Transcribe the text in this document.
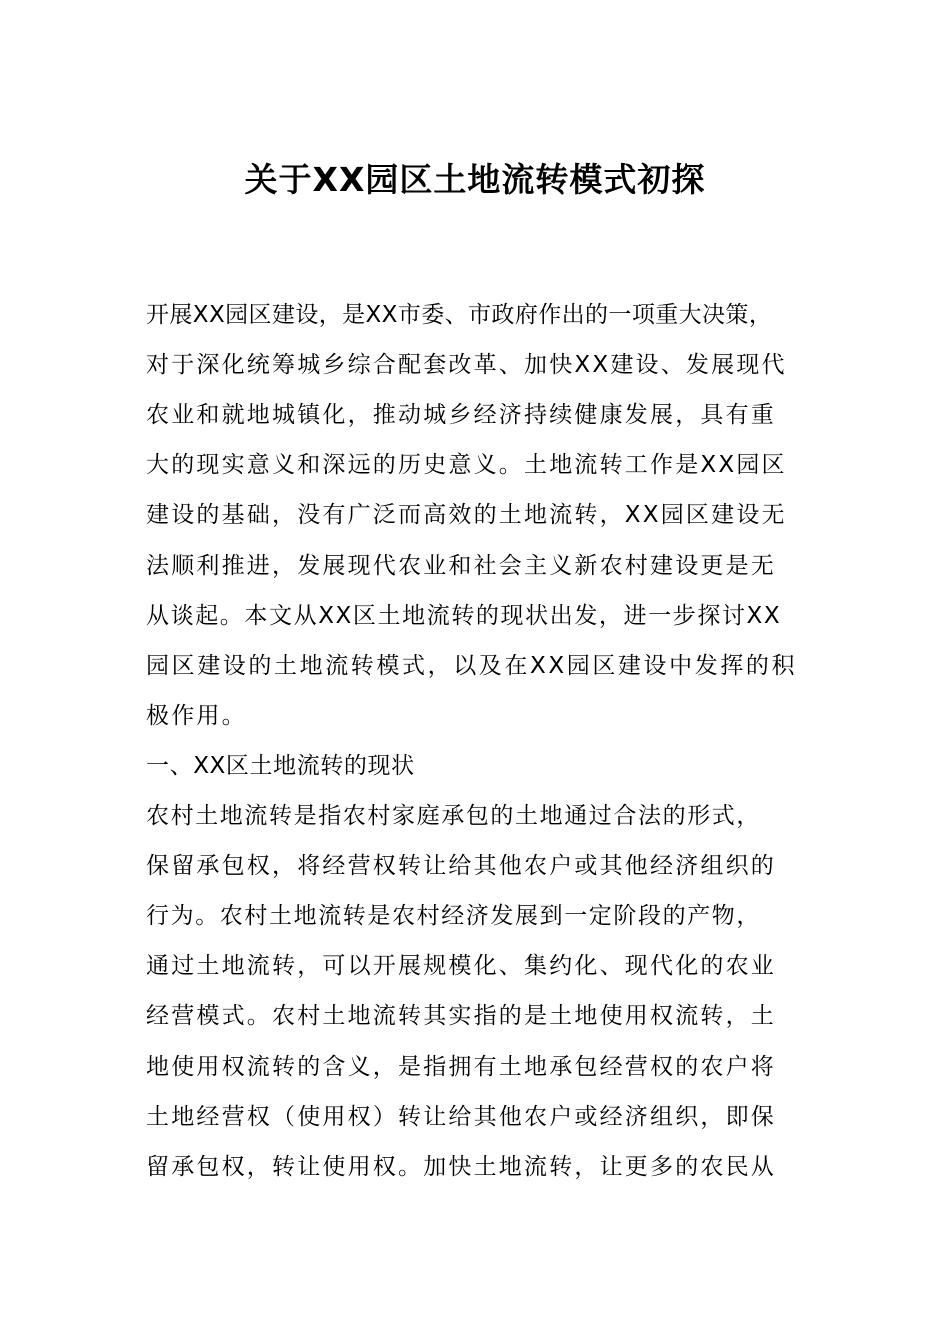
关于XX园区土地流转模式初探
开展XX园区建设，是XX市委、市政府作出的一项重大决策，
对于深化统筹城乡综合配套改革、加快XX建设、发展现代
农业和就地城镇化，推动城乡经济持续健康发展，具有重
大的现实意义和深远的历史意义。土地流转工作是XX园区
建设的基础，没有广泛而高效的土地流转，XX园区建设无
法顺利推进，发展现代农业和社会主义新农村建设更是无
从谈起。本文从XX区土地流转的现状出发，进一步探讨XX
园区建设的土地流转模式，以及在XX园区建设中发挥的积
极作用。
一、XX区土地流转的现状
农村土地流转是指农村家庭承包的土地通过合法的形式，
保留承包权，将经营权转让给其他农户或其他经济组织的
行为。农村土地流转是农村经济发展到一定阶段的产物，
通过土地流转，可以开展规模化、集约化、现代化的农业
经营模式。农村土地流转其实指的是土地使用权流转，土
地使用权流转的含义，是指拥有土地承包经营权的农户将
土地经营权（使用权）转让给其他农户或经济组织，即保
留承包权，转让使用权。加快土地流转，让更多的农民从
